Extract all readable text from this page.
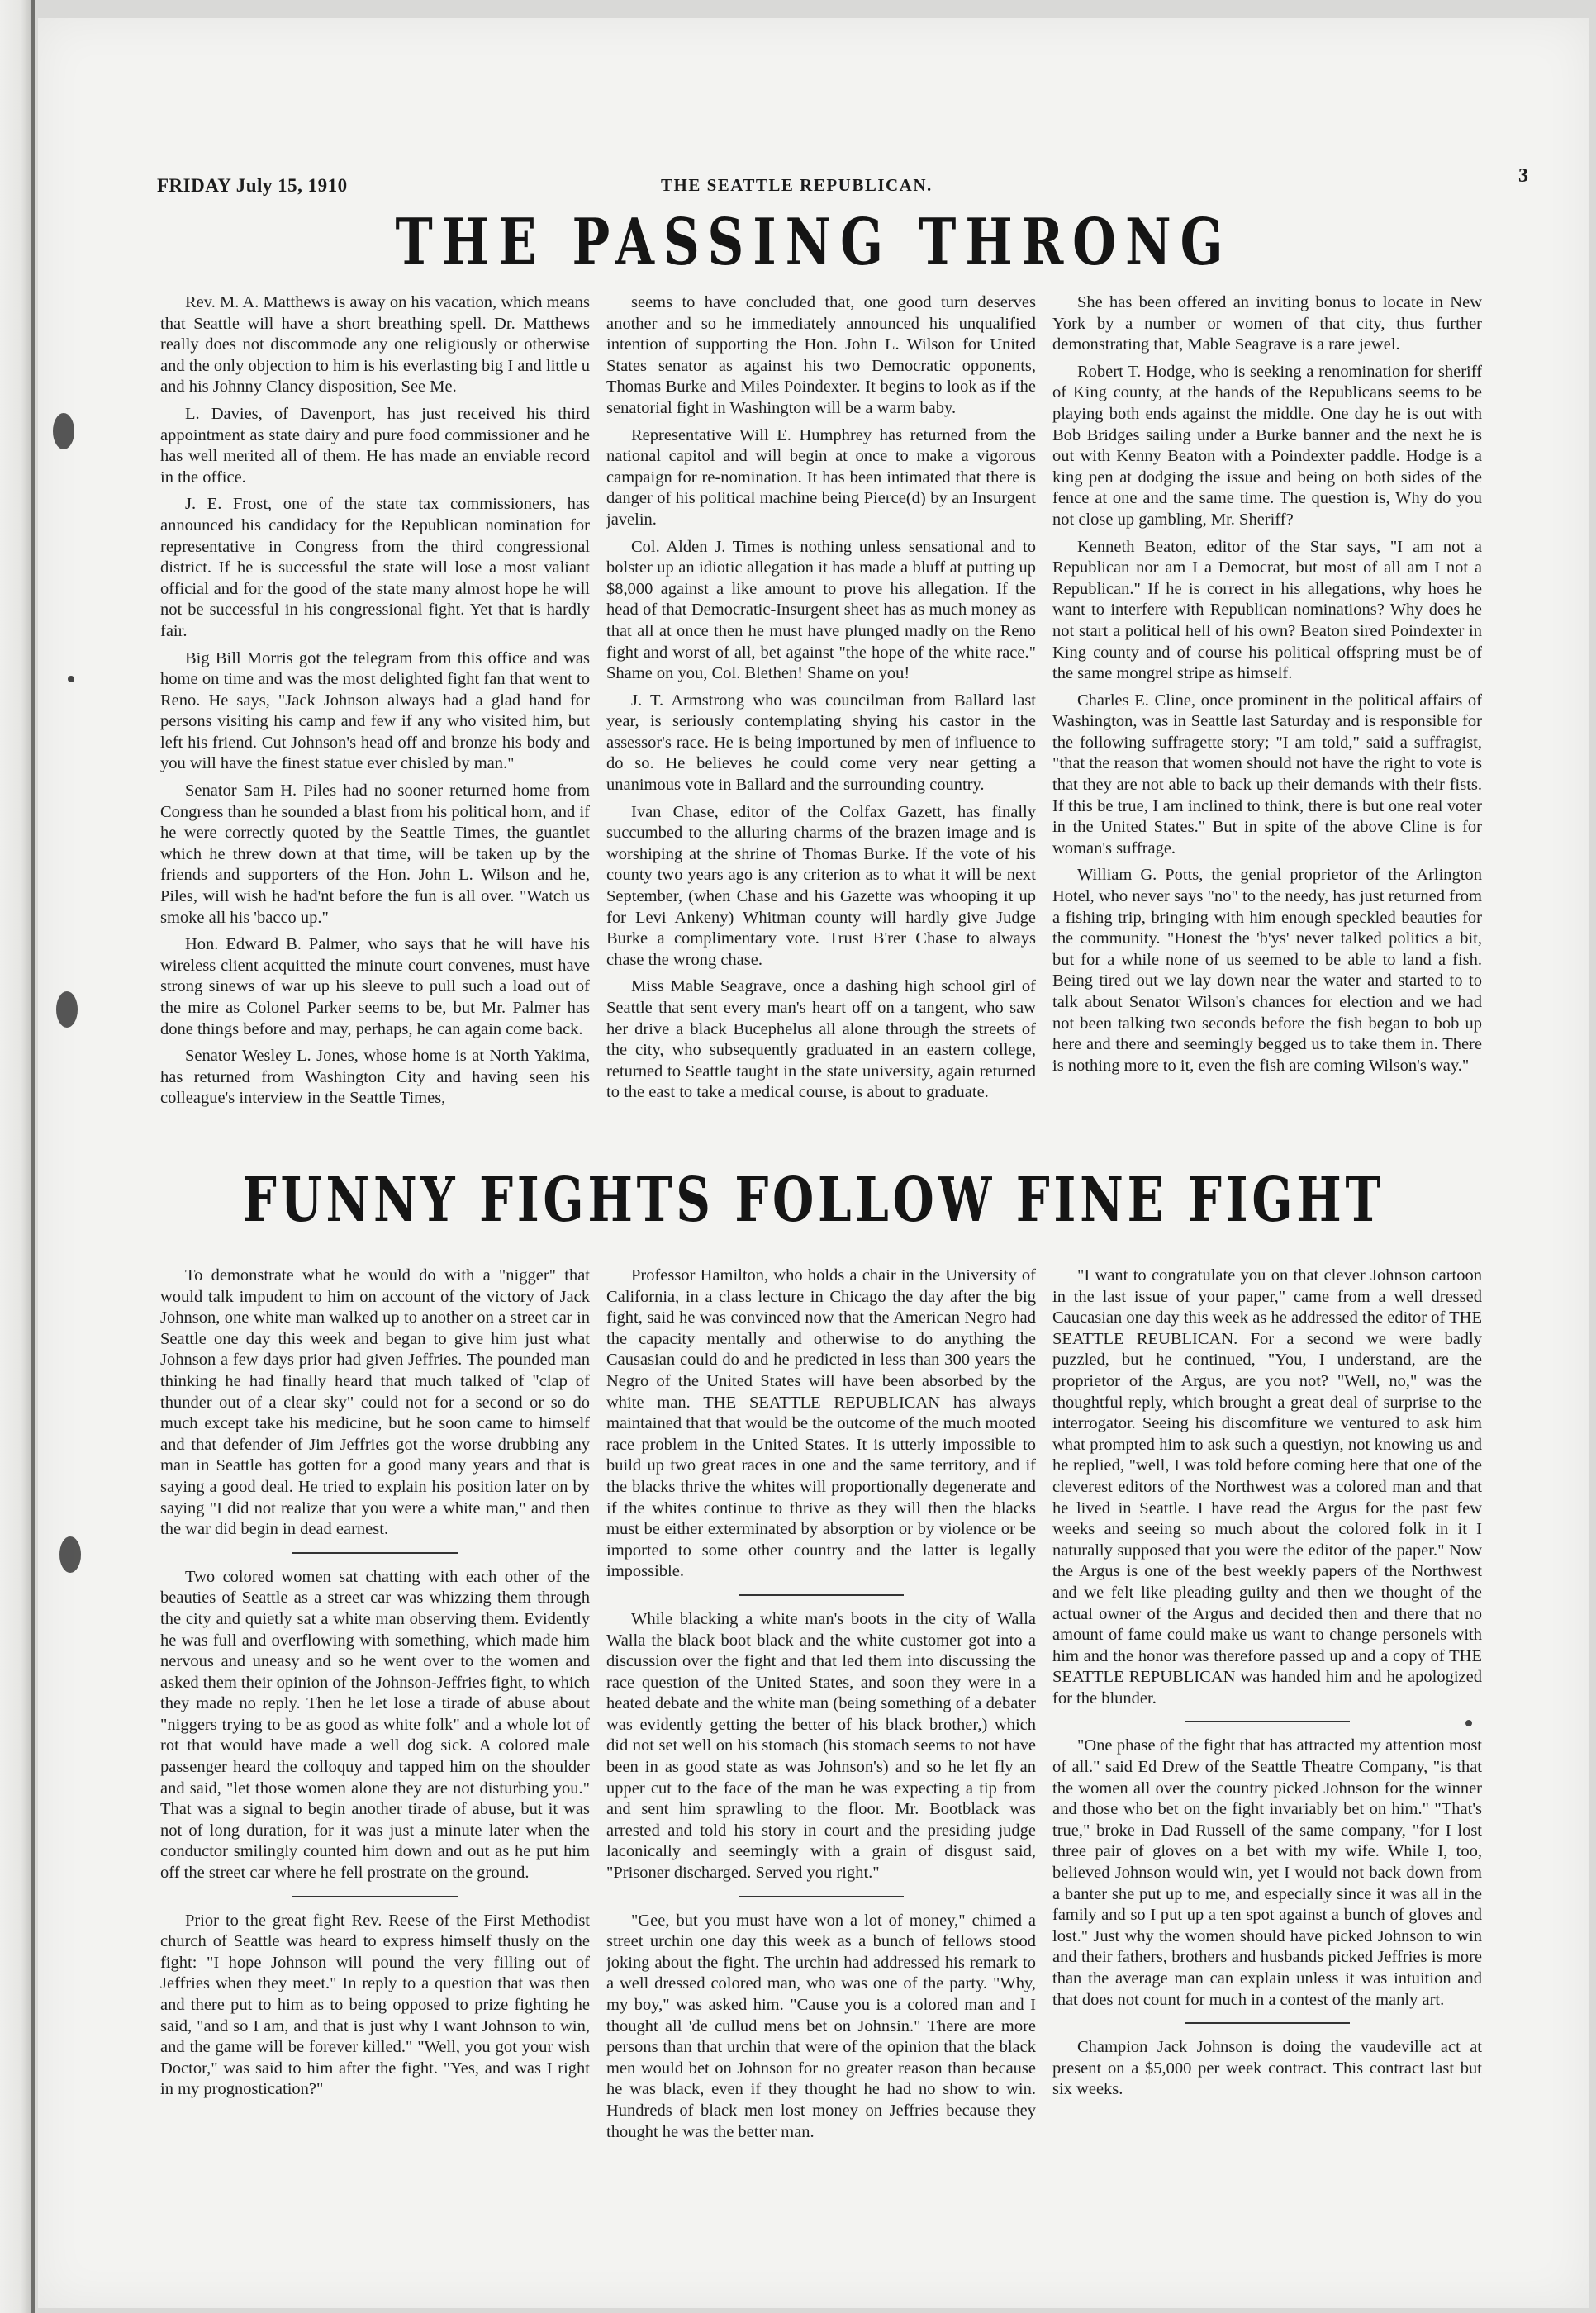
FRIDAY July 15, 1910	THE SEATTLE REPUBLICAN.	3
THE PASSING THRONG

Rev. M. A. Matthews is away on his vacation, which means that Seattle will have a short breathing spell. Dr. Matthews really does not discommode any one religiously or otherwise and the only objection to him is his everlasting big I and little u and his Johnny Clancy disposition, See Me.

L. Davies, of Davenport, has just received his third appointment as state dairy and pure food commissioner and he has well merited all of them. He has made an enviable record in the office.

J. E. Frost, one of the state tax commissioners, has announced his candidacy for the Republican nomination for representative in Congress from the third congressional district. If he is successful the state will lose a most valiant official and for the good of the state many almost hope he will not be successful in his congressional fight. Yet that is hardly fair.

Big Bill Morris got the telegram from this office and was home on time and was the most delighted fight fan that went to Reno. He says, "Jack Johnson always had a glad hand for persons visiting his camp and few if any who visited him, but left his friend. Cut Johnson's head off and bronze his body and you will have the finest statue ever chisled by man."

Senator Sam H. Piles had no sooner returned home from Congress than he sounded a blast from his political horn, and if he were correctly quoted by the Seattle Times, the guantlet which he threw down at that time, will be taken up by the friends and supporters of the Hon. John L. Wilson and he, Piles, will wish he had'nt before the fun is all over. "Watch us smoke all his 'bacco up."

Hon. Edward B. Palmer, who says that he will have his wireless client acquitted the minute court convenes, must have strong sinews of war up his sleeve to pull such a load out of the mire as Colonel Parker seems to be, but Mr. Palmer has done things before and may, perhaps, he can again come back.

Senator Wesley L. Jones, whose home is at North Yakima, has returned from Washington City and having seen his colleague's interview in the Seattle Times,

seems to have concluded that, one good turn deserves another and so he immediately announced his unqualified intention of supporting the Hon. John L. Wilson for United States senator as against his two Democratic opponents, Thomas Burke and Miles Poindexter. It begins to look as if the senatorial fight in Washington will be a warm baby.

Representative Will E. Humphrey has returned from the national capitol and will begin at once to make a vigorous campaign for re-nomination. It has been intimated that there is danger of his political machine being Pierce(d) by an Insurgent javelin.

Col. Alden J. Times is nothing unless sensational and to bolster up an idiotic allegation it has made a bluff at putting up $8,000 against a like amount to prove his allegation. If the head of that Democratic-Insurgent sheet has as much money as that all at once then he must have plunged madly on the Reno fight and worst of all, bet against "the hope of the white race." Shame on you, Col. Blethen! Shame on you!

J. T. Armstrong who was councilman from Ballard last year, is seriously contemplating shying his castor in the assessor's race. He is being importuned by men of influence to do so. He believes he could come very near getting a unanimous vote in Ballard and the surrounding country.

Ivan Chase, editor of the Colfax Gazett, has finally succumbed to the alluring charms of the brazen image and is worshiping at the shrine of Thomas Burke. If the vote of his county two years ago is any criterion as to what it will be next September, (when Chase and his Gazette was whooping it up for Levi Ankeny) Whitman county will hardly give Judge Burke a complimentary vote. Trust B'rer Chase to always chase the wrong chase.

Miss Mable Seagrave, once a dashing high school girl of Seattle that sent every man's heart off on a tangent, who saw her drive a black Bucephelus all alone through the streets of the city, who subsequently graduated in an eastern college, returned to Seattle taught in the state university, again returned to the east to take a medical course, is about to graduate.

She has been offered an inviting bonus to locate in New York by a number or women of that city, thus further demonstrating that, Mable Seagrave is a rare jewel.

Robert T. Hodge, who is seeking a renomination for sheriff of King county, at the hands of the Republicans seems to be playing both ends against the middle. One day he is out with Bob Bridges sailing under a Burke banner and the next he is out with Kenny Beaton with a Poindexter paddle. Hodge is a king pen at dodging the issue and being on both sides of the fence at one and the same time. The question is, Why do you not close up gambling, Mr. Sheriff?

Kenneth Beaton, editor of the Star says, "I am not a Republican nor am I a Democrat, but most of all am I not a Republican." If he is correct in his allegations, why hoes he want to interfere with Republican nominations? Why does he not start a political hell of his own? Beaton sired Poindexter in King county and of course his political offspring must be of the same mongrel stripe as himself.

Charles E. Cline, once prominent in the political affairs of Washington, was in Seattle last Saturday and is responsible for the following suffragette story; "I am told," said a suffragist, "that the reason that women should not have the right to vote is that they are not able to back up their demands with their fists. If this be true, I am inclined to think, there is but one real voter in the United States." But in spite of the above Cline is for woman's suffrage.

William G. Potts, the genial proprietor of the Arlington Hotel, who never says "no" to the needy, has just returned from a fishing trip, bringing with him enough speckled beauties for the community. "Honest the 'b'ys' never talked politics a bit, but for a while none of us seemed to be able to land a fish. Being tired out we lay down near the water and started to to talk about Senator Wilson's chances for election and we had not been talking two seconds before the fish began to bob up here and there and seemingly begged us to take them in. There is nothing more to it, even the fish are coming Wilson's way."

FUNNY FIGHTS FOLLOW FINE FIGHT

To demonstrate what he would do with a "nigger" that would talk impudent to him on account of the victory of Jack Johnson, one white man walked up to another on a street car in Seattle one day this week and began to give him just what Johnson a few days prior had given Jeffries. The pounded man thinking he had finally heard that much talked of "clap of thunder out of a clear sky" could not for a second or so do much except take his medicine, but he soon came to himself and that defender of Jim Jeffries got the worse drubbing any man in Seattle has gotten for a good many years and that is saying a good deal. He tried to explain his position later on by saying "I did not realize that you were a white man," and then the war did begin in dead earnest.

Two colored women sat chatting with each other of the beauties of Seattle as a street car was whizzing them through the city and quietly sat a white man observing them. Evidently he was full and overflowing with something, which made him nervous and uneasy and so he went over to the women and asked them their opinion of the Johnson-Jeffries fight, to which they made no reply. Then he let lose a tirade of abuse about "niggers trying to be as good as white folk" and a whole lot of rot that would have made a well dog sick. A colored male passenger heard the colloquy and tapped him on the shoulder and said, "let those women alone they are not disturbing you." That was a signal to begin another tirade of abuse, but it was not of long duration, for it was just a minute later when the conductor smilingly counted him down and out as he put him off the street car where he fell prostrate on the ground.

Prior to the great fight Rev. Reese of the First Methodist church of Seattle was heard to express himself thusly on the fight: "I hope Johnson will pound the very filling out of Jeffries when they meet." In reply to a question that was then and there put to him as to being opposed to prize fighting he said, "and so I am, and that is just why I want Johnson to win, and the game will be forever killed." "Well, you got your wish Doctor," was said to him after the fight. "Yes, and was I right in my prognostication?"

Professor Hamilton, who holds a chair in the University of California, in a class lecture in Chicago the day after the big fight, said he was convinced now that the American Negro had the capacity mentally and otherwise to do anything the Causasian could do and he predicted in less than 300 years the Negro of the United States will have been absorbed by the white man. THE SEATTLE REPUBLICAN has always maintained that that would be the outcome of the much mooted race problem in the United States. It is utterly impossible to build up two great races in one and the same territory, and if the blacks thrive the whites will proportionally degenerate and if the whites continue to thrive as they will then the blacks must be either exterminated by absorption or by violence or be imported to some other country and the latter is legally impossible.

While blacking a white man's boots in the city of Walla Walla the black boot black and the white customer got into a discussion over the fight and that led them into discussing the race question of the United States, and soon they were in a heated debate and the white man (being something of a debater was evidently getting the better of his black brother,) which did not set well on his stomach (his stomach seems to not have been in as good state as was Johnson's) and so he let fly an upper cut to the face of the man he was expecting a tip from and sent him sprawling to the floor. Mr. Bootblack was arrested and told his story in court and the presiding judge laconically and seemingly with a grain of disgust said, "Prisoner discharged. Served you right."

"Gee, but you must have won a lot of money," chimed a street urchin one day this week as a bunch of fellows stood joking about the fight. The urchin had addressed his remark to a well dressed colored man, who was one of the party. "Why, my boy," was asked him. "Cause you is a colored man and I thought all 'de cullud mens bet on Johnsin." There are more persons than that urchin that were of the opinion that the black men would bet on Johnson for no greater reason than because he was black, even if they thought he had no show to win. Hundreds of black men lost money on Jeffries because they thought he was the better man.

"I want to congratulate you on that clever Johnson cartoon in the last issue of your paper," came from a well dressed Caucasian one day this week as he addressed the editor of THE SEATTLE REUBLICAN. For a second we were badly puzzled, but he continued, "You, I understand, are the proprietor of the Argus, are you not? "Well, no," was the thoughtful reply, which brought a great deal of surprise to the interrogator. Seeing his discomfiture we ventured to ask him what prompted him to ask such a questiyn, not knowing us and he replied, "well, I was told before coming here that one of the cleverest editors of the Northwest was a colored man and that he lived in Seattle. I have read the Argus for the past few weeks and seeing so much about the colored folk in it I naturally supposed that you were the editor of the paper." Now the Argus is one of the best weekly papers of the Northwest and we felt like pleading guilty and then we thought of the actual owner of the Argus and decided then and there that no amount of fame could make us want to change personels with him and the honor was therefore passed up and a copy of THE SEATTLE REPUBLICAN was handed him and he apologized for the blunder.

"One phase of the fight that has attracted my attention most of all." said Ed Drew of the Seattle Theatre Company, "is that the women all over the country picked Johnson for the winner and those who bet on the fight invariably bet on him." "That's true," broke in Dad Russell of the same company, "for I lost three pair of gloves on a bet with my wife. While I, too, believed Johnson would win, yet I would not back down from a banter she put up to me, and especially since it was all in the family and so I put up a ten spot against a bunch of gloves and lost." Just why the women should have picked Johnson to win and their fathers, brothers and husbands picked Jeffries is more than the average man can explain unless it was intuition and that does not count for much in a contest of the manly art.

Champion Jack Johnson is doing the vaudeville act at present on a $5,000 per week contract. This contract last but six weeks.
